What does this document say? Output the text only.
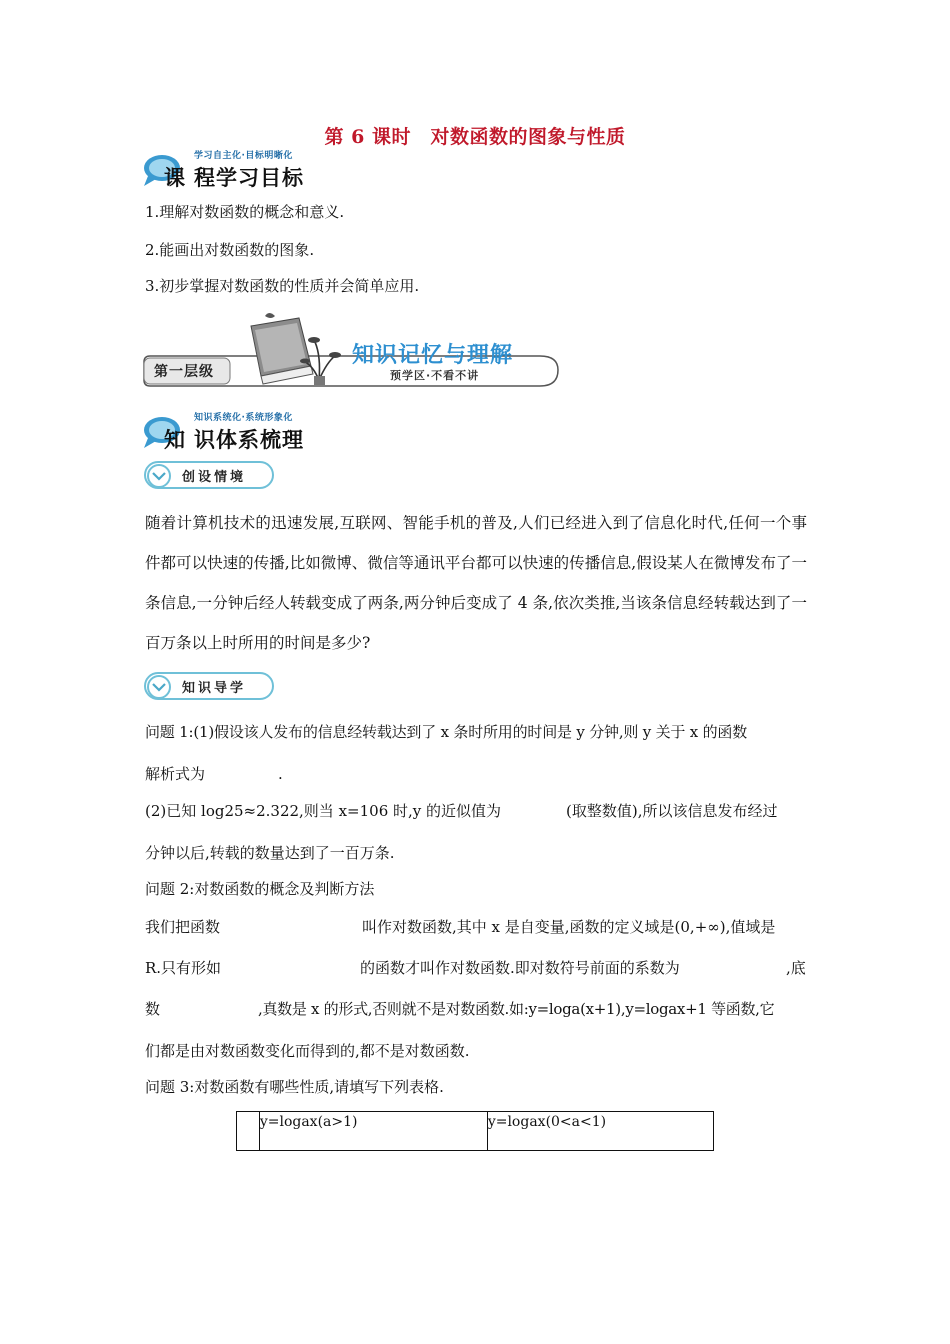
第 6 课时　对数函数的图象与性质
学习自主化·目标明晰化
课 程学习目标
1.理解对数函数的概念和意义.
2.能画出对数函数的图象.
3.初步掌握对数函数的性质并会简单应用.
第一层级
知识记忆与理解
预学区·不看不讲
知识系统化·系统形象化
知 识体系梳理
创设情境
随着计算机技术的迅速发展,互联网、智能手机的普及,人们已经进入到了信息化时代,任何一个事件都可以快速的传播,比如微博、微信等通讯平台都可以快速的传播信息,假设某人在微博发布了一条信息,一分钟后经人转载变成了两条,两分钟后变成了 4 条,依次类推,当该条信息经转载达到了一百万条以上时所用的时间是多少?
知识导学
问题 1:(1)假设该人发布的信息经转载达到了 x 条时所用的时间是 y 分钟,则 y 关于 x 的函数
解析式为	.
(2)已知 log25≈2.322,则当 x=106 时,y 的近似值为	(取整数值),所以该信息发布经过
分钟以后,转载的数量达到了一百万条.
问题 2:对数函数的概念及判断方法
我们把函数	叫作对数函数,其中 x 是自变量,函数的定义域是(0,+∞),值域是
R.只有形如	的函数才叫作对数函数.即对数符号前面的系数为	,底
数	,真数是 x 的形式,否则就不是对数函数.如:y=loga(x+1),y=logax+1 等函数,它
们都是由对数函数变化而得到的,都不是对数函数.
问题 3:对数函数有哪些性质,请填写下列表格.
	y=logax(a>1)	y=logax(0<a<1)
